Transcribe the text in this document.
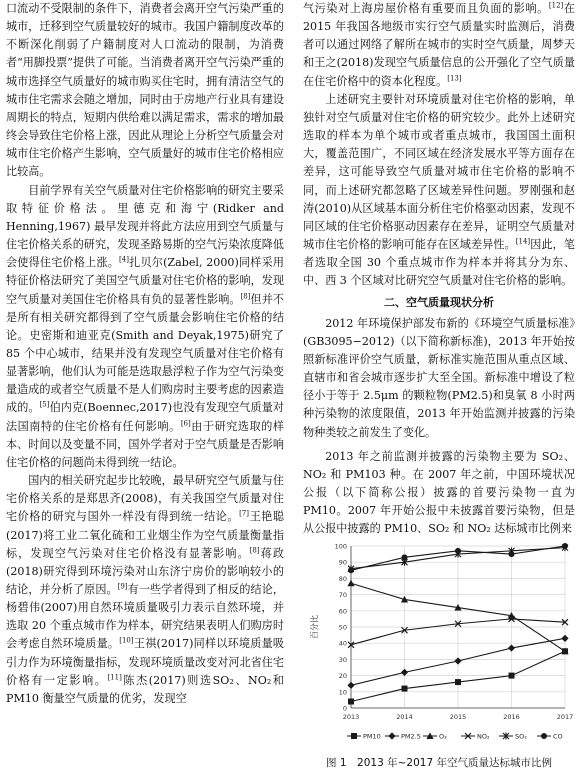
口流动不受限制的条件下，消费者会离开空气污染严重的城市，迁移到空气质量较好的城市。我国户籍制度改革的不断深化削弱了户籍制度对人口流动的限制，为消费者“用脚投票”提供了可能。当消费者离开空气污染严重的城市选择空气质量好的城市购买住宅时，拥有清洁空气的城市住宅需求会随之增加，同时由于房地产行业具有建设周期长的特点，短期内供给难以满足需求，需求的增加最终会导致住宅价格上涨，因此从理论上分析空气质量会对城市住宅价格产生影响，空气质量好的城市住宅价格相应比较高。

目前学界有关空气质量对住宅价格影响的研究主要采取特征价格法。里德克和海宁(Ridker and Henning,1967) 最早发现并将此方法应用到空气质量与住宅价格关系的研究，发现圣路易斯的空气污染浓度降低会使得住宅价格上涨。[4]扎贝尔(Zabel, 2000)同样采用特征价格法研究了美国空气质量对住宅价格的影响，发现空气质量对美国住宅价格具有负的显著性影响。[8]但并不是所有相关研究都得到了空气质量会影响住宅价格的结论。史密斯和迪亚克(Smith and Deyak,1975)研究了 85 个中心城市，结果并没有发现空气质量对住宅价格有显著影响，他们认为可能是选取悬浮粒子作为空气污染变量造成的或者空气质量不是人们购房时主要考虑的因素造成的。[5]伯内克(Boennec,2017)也没有发现空气质量对法国南特的住宅价格有任何影响。[6]由于研究选取的样本、时间以及变量不同，国外学者对于空气质量是否影响住宅价格的问题尚未得到统一结论。

国内的相关研究起步比较晚，最早研究空气质量与住宅价格关系的是郑思齐(2008)，有关我国空气质量对住宅价格的研究与国外一样没有得到统一结论。[7]王艳聪(2017)将工业二氧化硫和工业烟尘作为空气质量衡量指标，发现空气污染对住宅价格没有显著影响。[8]蒋政(2018)研究得到环境污染对山东济宁房价的影响较小的结论，并分析了原因。[9]有一些学者得到了相反的结论，杨碧伟(2007)用自然环境质量吸引力表示自然环境，并选取 20 个重点城市作为样本，研究结果表明人们购房时会考虑自然环境质量。[10]王祺(2017)同样以环境质量吸引力作为环境衡量指标，发现环境质量改变对河北省住宅价格有一定影响。[11]陈杰(2017)则选SO₂、NO₂和 PM10 衡量空气质量的优劣，发现空

气污染对上海房屋价格有重要而且负面的影响。[12]在 2015 年我国各地级市实行空气质量实时监测后，消费者可以通过网络了解所在城市的实时空气质量，周梦天和王之(2018)发现空气质量信息的公开强化了空气质量在住宅价格中的资本化程度。[13]

上述研究主要针对环境质量对住宅价格的影响，单独针对空气质量对住宅价格的研究较少。此外上述研究选取的样本为单个城市或者重点城市，我国国土面积大，覆盖范围广，不同区域在经济发展水平等方面存在差异，这可能导致空气质量对城市住宅价格的影响不同，而上述研究都忽略了区域差异性问题。罗刚强和赵涛(2010)从区域基本面分析住宅价格驱动因素，发现不同区域的住宅价格驱动因素存在差异，证明空气质量对城市住宅价格的影响可能存在区域差异性。[14]因此，笔者选取全国 30 个重点城市作为样本并将其分为东、中、西 3 个区域对比研究空气质量对住宅价格的影响。

二、空气质量现状分析

2012 年环境保护部发布新的《环境空气质量标准》(GB3095−2012)（以下简称新标准)，2013 年开始按照新标准评价空气质量，新标准实施范围从重点区域、直辖市和省会城市逐步扩大至全国。新标准中增设了粒径小于等于 2.5μm 的颗粒物(PM2.5)和臭氧 8 小时两种污染物的浓度限值，2013 年开始监测并披露的污染物种类较之前发生了变化。

2013 年之前监测并披露的污染物主要为 SO₂、NO₂ 和 PM103 种。在 2007 年之前，中国环境状况公报（以下简称公报）披露的首要污染物一直为 PM10。2007 年开始公报中未披露首要污染物，但是从公报中披露的 PM10、SO₂ 和 NO₂ 达标城市比例来

0
10
20
30
40
50
60
70
80
90
100
2013	2014	2015	2016	2017
百分比
PM10	PM2.5	O₃	NO₂	SO₂	CO
图 1　2013 年~2017 年空气质量达标城市比例
